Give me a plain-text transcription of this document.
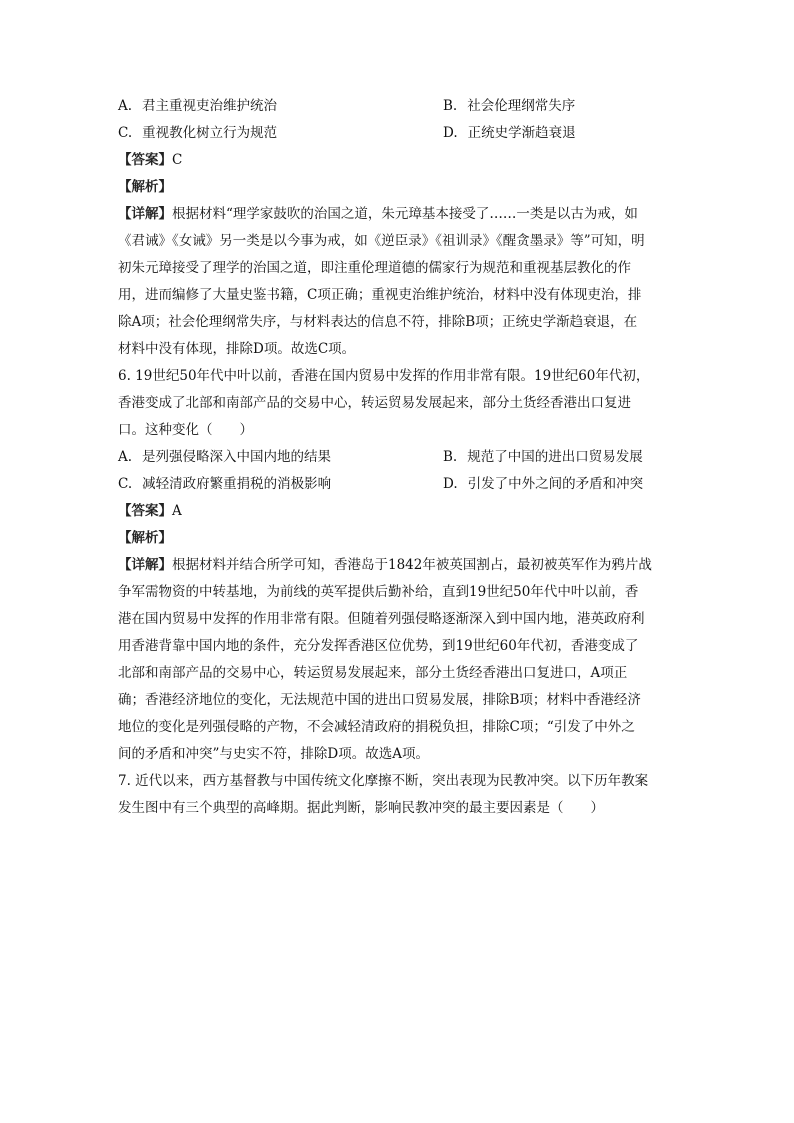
A. 君主重视吏治维护统治	B. 社会伦理纲常失序
C. 重视教化树立行为规范	D. 正统史学渐趋衰退
【答案】C
【解析】
【详解】根据材料“理学家鼓吹的治国之道，朱元璋基本接受了……一类是以古为戒，如
《君诫》《女诫》另一类是以今事为戒，如《逆臣录》《祖训录》《醒贪墨录》等”可知，明
初朱元璋接受了理学的治国之道，即注重伦理道德的儒家行为规范和重视基层教化的作
用，进而编修了大量史鉴书籍，C项正确；重视吏治维护统治，材料中没有体现吏治，排
除A项；社会伦理纲常失序，与材料表达的信息不符，排除B项；正统史学渐趋衰退，在
材料中没有体现，排除D项。故选C项。
6. 19世纪50年代中叶以前，香港在国内贸易中发挥的作用非常有限。19世纪60年代初，
香港变成了北部和南部产品的交易中心，转运贸易发展起来，部分土货经香港出口复进
口。这种变化（　　）
A. 是列强侵略深入中国内地的结果	B. 规范了中国的进出口贸易发展
C. 减轻清政府繁重捐税的消极影响	D. 引发了中外之间的矛盾和冲突
【答案】A
【解析】
【详解】根据材料并结合所学可知，香港岛于1842年被英国割占，最初被英军作为鸦片战
争军需物资的中转基地，为前线的英军提供后勤补给，直到19世纪50年代中叶以前，香
港在国内贸易中发挥的作用非常有限。但随着列强侵略逐渐深入到中国内地，港英政府利
用香港背靠中国内地的条件，充分发挥香港区位优势，到19世纪60年代初，香港变成了
北部和南部产品的交易中心，转运贸易发展起来，部分土货经香港出口复进口，A项正
确；香港经济地位的变化，无法规范中国的进出口贸易发展，排除B项；材料中香港经济
地位的变化是列强侵略的产物，不会减轻清政府的捐税负担，排除C项；“引发了中外之
间的矛盾和冲突”与史实不符，排除D项。故选A项。
7. 近代以来，西方基督教与中国传统文化摩擦不断，突出表现为民教冲突。以下历年教案
发生图中有三个典型的高峰期。据此判断，影响民教冲突的最主要因素是（　　）
